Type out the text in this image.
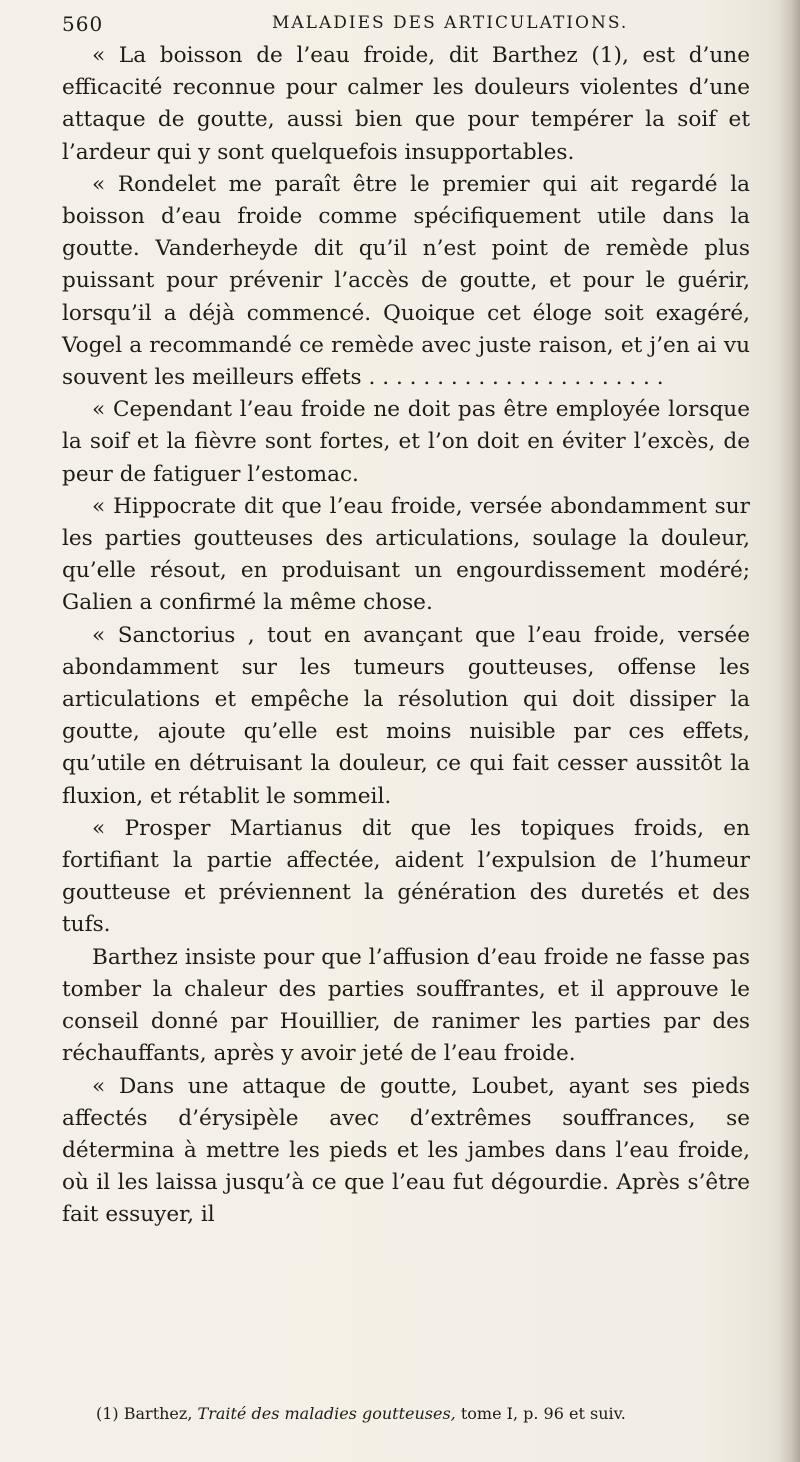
560	MALADIES DES ARTICULATIONS.

« La boisson de l’eau froide, dit Barthez (1), est d’une efficacité reconnue pour calmer les douleurs violentes d’une attaque de goutte, aussi bien que pour tempérer la soif et l’ardeur qui y sont quelquefois insupportables.

« Rondelet me paraît être le premier qui ait regardé la boisson d’eau froide comme spécifiquement utile dans la goutte. Vanderheyde dit qu’il n’est point de remède plus puissant pour prévenir l’accès de goutte, et pour le guérir, lorsqu’il a déjà commencé. Quoique cet éloge soit exagéré, Vogel a recommandé ce remède avec juste raison, et j’en ai vu souvent les meilleurs effets . . . . . . . . . . . . . . . . . . . . . .

« Cependant l’eau froide ne doit pas être employée lorsque la soif et la fièvre sont fortes, et l’on doit en éviter l’excès, de peur de fatiguer l’estomac.

« Hippocrate dit que l’eau froide, versée abondamment sur les parties goutteuses des articulations, soulage la douleur, qu’elle résout, en produisant un engourdissement modéré; Galien a confirmé la même chose.

« Sanctorius , tout en avançant que l’eau froide, versée abondamment sur les tumeurs goutteuses, offense les articulations et empêche la résolution qui doit dissiper la goutte, ajoute qu’elle est moins nuisible par ces effets, qu’utile en détruisant la douleur, ce qui fait cesser aussitôt la fluxion, et rétablit le sommeil.

« Prosper Martianus dit que les topiques froids, en fortifiant la partie affectée, aident l’expulsion de l’humeur goutteuse et préviennent la génération des duretés et des tufs.

Barthez insiste pour que l’affusion d’eau froide ne fasse pas tomber la chaleur des parties souffrantes, et il approuve le conseil donné par Houillier, de ranimer les parties par des réchauffants, après y avoir jeté de l’eau froide.

« Dans une attaque de goutte, Loubet, ayant ses pieds affectés d’érysipèle avec d’extrêmes souffrances, se détermina à mettre les pieds et les jambes dans l’eau froide, où il les laissa jusqu’à ce que l’eau fut dégourdie. Après s’être fait essuyer, il

(1) Barthez, Traité des maladies goutteuses, tome I, p. 96 et suiv.
